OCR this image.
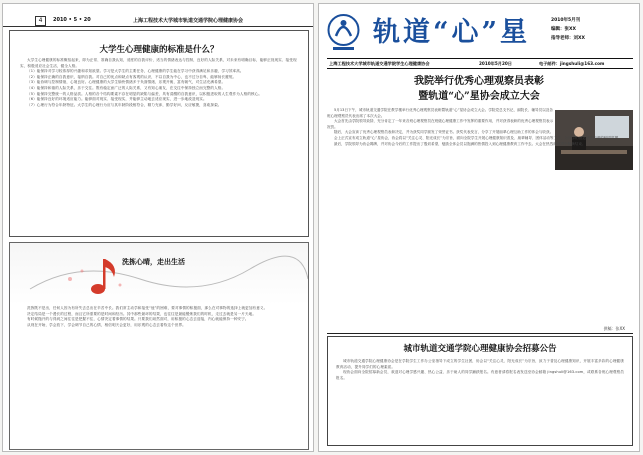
4	2010 • 5 • 20	上海工程技术大学城市轨道交通学院心理健康协会
大学生心理健康的标准是什么？

大学生心理健康的标准概括起来，即为正常、准确自我认知，适度的自我评价，适当的情绪表达与控制，良好的人际关系，对未来有明确目标，能够正视现实、接受现实，积极适应社会生活，健全人格。

（1）能保持对学习较浓厚的兴趣和求知欲望。学习是大学生的主要任务，心理健康的学生能在学习中获得满足和乐趣，学习效率高。

（2）能保持正确的自我意识，接纳自我。对自己的优点和缺点有客观的认识，不以自我为中心，也不过分自卑，能够扬长避短。

（3）能协调与控制情绪，心境良好。心理健康的大学生愉快情绪多于负面情绪，乐观开朗，富有朝气，对生活充满希望。

（4）能保持和谐的人际关系，乐于交往。既有稳定而广泛的人际关系，又有知心朋友，在交往中保持独立而完整的人格。

（5）能保持完整统一的人格品质。人格的各个结构要素不存在明显的缺陷与偏差，具有清醒的自我意识，以积极进取的人生观作为人格的核心。

（6）能保持良好的环境适应能力。能够面对现实、接受现实，并能够主动地去适应现实，进一步地改造现实。

（7）心理行为符合年龄特征。大学生的心理行为应与其年龄阶段相符合，精力充沛，勤学好问，反应敏捷，喜欢探索。

洗拣心晴，走出生活

洗拣既不是出，任何人因为有所失去总出在辛苦中长。我们常主动学和接受“他”的困难，要对事情的积极面，那么在对事物的选择上就更加有意义。

决定结局是一个漫长的过程，而且它所需要的是时间和经历。其中那些最坏的结果，也往往是最能锻炼我们的时机，走过去就是另一片天地。

有时候抛开的与得到之间往往是把握不住，心情决定着事情的结果。只要我们坦然面对，用积极的心态去迎接，内心就能保持一种安宁。

从现在开始，学会放下，学会调节自己的心情，相信明天会更好，用乐观的心态去看待这个世界。

轨道“心”星	2010年5月刊
编辑：张XX
指导老师：刘XX
上海工程技术大学城市轨道交通学院学生心理健康协会	2010年5月20日	电子邮件：jingshuli@163.com
我院举行优秀心理观察员表彰
暨轨道“心”星协会成立大会

5月13日下午，城市轨道交通学院在教学楼举行优秀心理观察员表彰暨轨道“心”星协会成立大会。学院党总支书记、副院长、辅导员以及各班心理观察员代表出席了本次大会。

大会首先由学院领导致辞，充分肯定了一年来各班心理观察员在班级心理健康工作中发挥的重要作用，并对获得表彰的优秀心理观察员表示祝贺。

随后，大会宣读了优秀心理观察员表彰决定，并为获奖同学颁发了荣誉证书。获奖代表发言，分享了开展朋辈心理互助工作的体会与收获。

会上正式宣布成立轨道“心”星协会，协会将以“关注心灵、阳光成长”为宗旨，面向全院学生开展心理健康知识普及、朋辈辅导、团体活动等工作，为同学们营造健康和谐的校园氛围。

最后，学院领导为协会揭牌，并对协会今后的工作提出了殷切希望，勉励全体会员以饱满的热情投入到心理健康教育工作中去。大会在热烈的掌声中圆满结束。

供稿：张XX
城市轨道交通学院心理健康协会招募公告

城市轨道交通学院心理健康协会是在学院学生工作办公室指导下成立的学生社团，协会以“关注心灵、阳光成长”为宗旨，致力于普及心理健康知识，开展丰富多彩的心理健康教育活动，提升同学们的心理素质。

现协会面向全院招募新会员，欢迎对心理学感兴趣、热心公益、乐于助人的同学踊跃报名。有意者请将报名表发送至协会邮箱 jingshuli@163.com，或联系各班心理观察员报名。
